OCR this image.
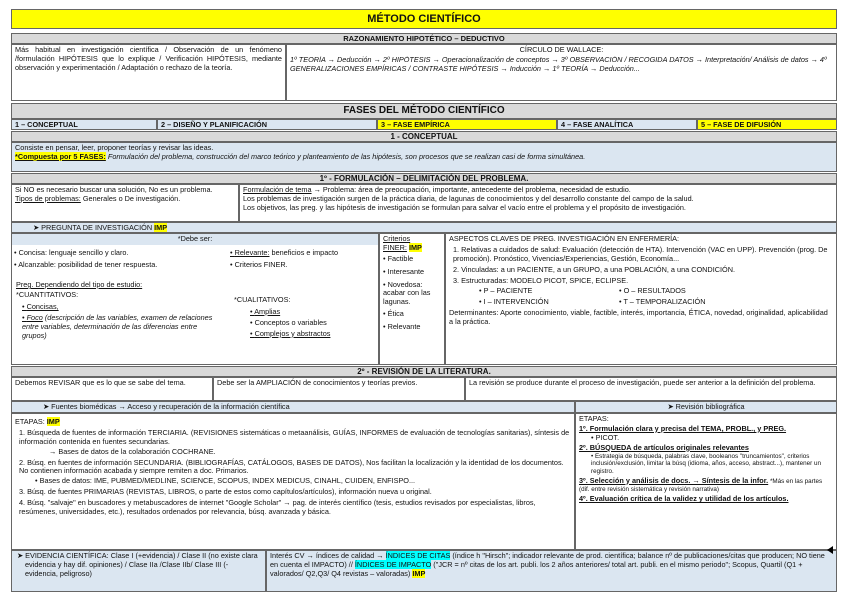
MÉTODO CIENTÍFICO
RAZONAMIENTO HIPOTÉTICO – DEDUCTIVO
Más habitual en investigación científica / Observación de un fenómeno /formulación HIPÓTESIS que lo explique / Verificación HIPÓTESIS, mediante observación y experimentación / Adaptación o rechazo de la teoría.
CÍRCULO DE WALLACE:
1º TEORÍA → Deducción → 2º HIPÓTESIS → Operacionalización de conceptos → 3º OBSERVACIÓN / RECOGIDA DATOS → Interpretación/ Análisis de datos → 4º GENERALIZACIONES EMPÍRICAS / CONTRASTE HIPÓTESIS → Inducción → 1º TEORÍA → Deducción...
FASES DEL MÉTODO CIENTÍFICO
1 – CONCEPTUAL	2 – DISEÑO Y PLANIFICACIÓN	3 – FASE EMPÍRICA	4 – FASE ANALÍTICA	5 – FASE DE DIFUSIÓN
1 - CONCEPTUAL
Consiste en pensar, leer, proponer teorías y revisar las ideas.
*Compuesta por 5 FASES: Formulación del problema, construcción del marco teórico y planteamiento de las hipótesis, son procesos que se realizan casi de forma simultánea.
1º - FORMULACIÓN – DELIMITACIÓN DEL PROBLEMA.
Si NO es necesario buscar una solución, No es un problema.
Tipos de problemas: Generales o De investigación.
Formulación de tema → Problema: área de preocupación, importante, antecedente del problema, necesidad de estudio.
Los problemas de investigación surgen de la práctica diaria, de lagunas de conocimientos y del desarrollo constante del campo de la salud.
Los objetivos, las preg. y las hipótesis de investigación se formulan para salvar el vacío entre el problema y el propósito de investigación.
➤ PREGUNTA DE INVESTIGACIÓN IMP
*Debe ser:
• Concisa: lenguaje sencillo y claro.
• Alcanzable: posibilidad de tener respuesta.
• Relevante: beneficios e impacto
• Criterios FINER.
Preg. Dependiendo del tipo de estudio:
*CUANTITATIVOS:
• Concisas,
• Foco (descripción de las variables, examen de relaciones entre variables, determinación de las diferencias entre grupos)
*CUALITATIVOS:
• Amplias
• Conceptos o variables
• Complejos y abstractos
Criterios
FINER: IMP
• Factible
• Interesante
• Novedosa: acabar con las lagunas.
• Ética
• Relevante
ASPECTOS CLAVES DE PREG. INVESTIGACIÓN EN ENFERMERÍA:
1. Relativas a cuidados de salud: Evaluación (detección de HTA). Intervención (VAC en UPP). Prevención (prog. De promoción). Pronóstico, Vivencias/Experiencias, Gestión, Economía...
2. Vinculadas: a un PACIENTE, a un GRUPO, a una POBLACIÓN, a una CONDICIÓN.
3. Estructuradas: MODELO PICOT, SPICE, ECLIPSE.
• P – PACIENTE	• O – RESULTADOS
• I – INTERVENCIÓN	• T – TEMPORALIZACIÓN
Determinantes: Aporte conocimiento, viable, factible, interés, importancia, ÉTICA, novedad, originalidad, aplicabilidad a la práctica.
2º - REVISIÓN DE LA LITERATURA.
Debemos REVISAR que es lo que se sabe del tema.	Debe ser la AMPLIACIÓN de conocimientos y teorías previos.	La revisión se produce durante el proceso de investigación, puede ser anterior a la definición del problema.
➤ Fuentes biomédicas → Acceso y recuperación de la información científica	➤ Revisión bibliográfica
ETAPAS: IMP
1. Búsqueda de fuentes de información TERCIARIA. (REVISIONES sistemáticas o metaanálisis, GUÍAS, INFORMES de evaluación de tecnologías sanitarias), síntesis de información contenida en fuentes secundarias.
→ Bases de datos de la colaboración COCHRANE.
2. Búsq. en fuentes de información SECUNDARIA. (BIBLIOGRAFÍAS, CATÁLOGOS, BASES DE DATOS), Nos facilitan la localización y la identidad de los documentos. No contienen información acabada y siempre remiten a doc. Primarios.
• Bases de datos: IME, PUBMED/MEDLINE, SCIENCE, SCOPUS, INDEX MEDICUS, CINAHL, CUIDEN, ENFISPO...
3. Búsq. de fuentes PRIMARIAS (REVISTAS, LIBROS, o parte de estos como capítulos/artículos), información nueva u original.
4. Búsq. "salvaje" en buscadores y metabuscadores de internet "Google Scholar" → pag. de interés científico (tesis, estudios revisados por especialistas, libros, resúmenes, universidades, etc.), resultados ordenados por relevancia, búsq. avanzada y básica.
ETAPAS:
1º. Formulación clara y precisa del TEMA, PROBL., y PREG.
• PICOT.
2º. BÚSQUEDA de artículos originales relevantes
• Estrategia de búsqueda, palabras clave, booleanos "truncamientos", criterios inclusión/exclusión, limitar la búsq (idioma, años, acceso, abstract...), mantener un registro.
3º. Selección y análisis de docs. → Síntesis de la infor. *Más en las partes (dif. entre revisión sistemática y revisión narrativa)
4º. Evaluación crítica de la validez y utilidad de los artículos.
➤ EVIDENCIA CIENTÍFICA: Clase I (+evidencia) / Clase II (no existe clara evidencia y hay dif. opiniones) / Clase IIa /Clase IIb/ Clase III (- evidencia, peligroso)
Interés CV → índices de calidad → ÍNDICES DE CITAS (índice h "Hirsch"; indicador relevante de prod. científica; balance nº de publicaciones/citas que producen; NO tiene en cuenta el IMPACTO) // ÍNDICES DE IMPACTO ("JCR = nº citas de los art. publi. los 2 años anteriores/ total art. publi. en el mismo periodo"; Scopus, Quartil (Q1 + valorados/ Q2,Q3/ Q4 revistas – valoradas) IMP
